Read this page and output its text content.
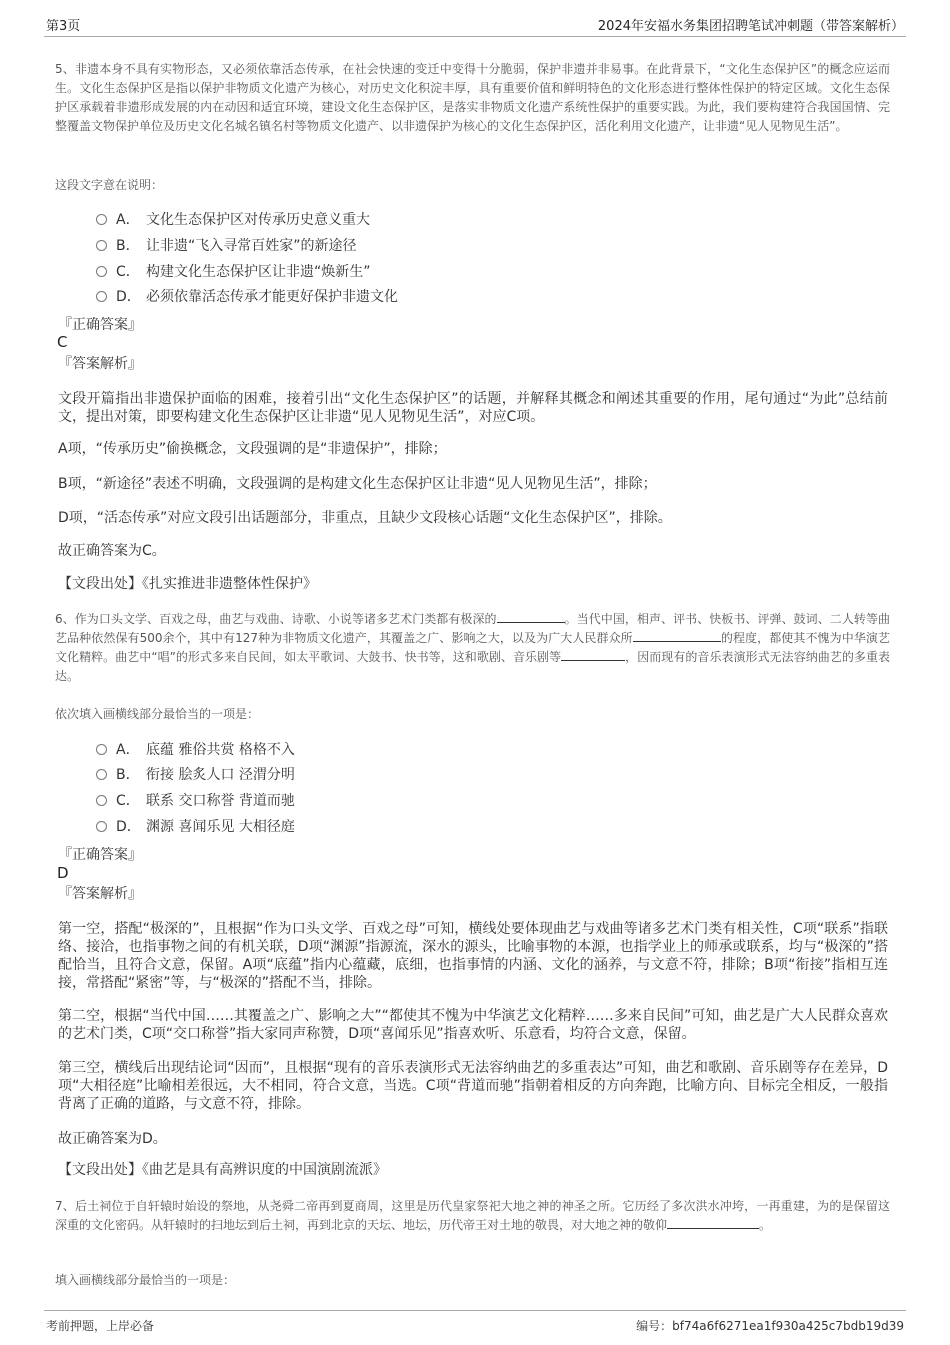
第3页	2024年安福水务集团招聘笔试冲刺题（带答案解析）
5、非遗本身不具有实物形态，又必须依靠活态传承，在社会快速的变迁中变得十分脆弱，保护非遗并非易事。在此背景下，“文化生态保护区”的概念应运而生。文化生态保护区是指以保护非物质文化遗产为核心，对历史文化积淀丰厚，具有重要价值和鲜明特色的文化形态进行整体性保护的特定区域。文化生态保护区承载着非遗形成发展的内在动因和适宜环境，建设文化生态保护区，是落实非物质文化遗产系统性保护的重要实践。为此，我们要构建符合我国国情、完整覆盖文物保护单位及历史文化名城名镇名村等物质文化遗产、以非遗保护为核心的文化生态保护区，活化利用文化遗产，让非遗“见人见物见生活”。
这段文字意在说明：
A． 文化生态保护区对传承历史意义重大
B． 让非遗“飞入寻常百姓家”的新途径
C． 构建文化生态保护区让非遗“焕新生”
D． 必须依靠活态传承才能更好保护非遗文化
『正确答案』
C
『答案解析』
文段开篇指出非遗保护面临的困难，接着引出“文化生态保护区”的话题，并解释其概念和阐述其重要的作用，尾句通过“为此”总结前文，提出对策，即要构建文化生态保护区让非遗“见人见物见生活”，对应C项。
A项，“传承历史”偷换概念，文段强调的是“非遗保护”，排除；
B项，“新途径”表述不明确，文段强调的是构建文化生态保护区让非遗“见人见物见生活”，排除；
D项，“活态传承”对应文段引出话题部分，非重点，且缺少文段核心话题“文化生态保护区”，排除。
故正确答案为C。
【文段出处】《扎实推进非遗整体性保护》
6、作为口头文学、百戏之母，曲艺与戏曲、诗歌、小说等诸多艺术门类都有极深的	。当代中国，相声、评书、快板书、评弹、鼓词、二人转等曲艺品种依然保有500余个，其中有127种为非物质文化遗产，其覆盖之广、影响之大，以及为广大人民群众所	的程度，都使其不愧为中华演艺文化精粹。曲艺中“唱”的形式多来自民间，如太平歌词、大鼓书、快书等，这和歌剧、音乐剧等	，因而现有的音乐表演形式无法容纳曲艺的多重表达。
依次填入画横线部分最恰当的一项是：
A． 底蕴 雅俗共赏 格格不入
B． 衔接 脍炙人口 泾渭分明
C． 联系 交口称誉 背道而驰
D． 渊源 喜闻乐见 大相径庭
『正确答案』
D
『答案解析』
第一空，搭配“极深的”，且根据“作为口头文学、百戏之母”可知，横线处要体现曲艺与戏曲等诸多艺术门类有相关性，C项“联系”指联络、接洽，也指事物之间的有机关联，D项“渊源”指源流，深水的源头，比喻事物的本源，也指学业上的师承或联系，均与“极深的”搭配恰当，且符合文意，保留。A项“底蕴”指内心蕴藏，底细，也指事情的内涵、文化的涵养，与文意不符，排除；B项“衔接”指相互连接，常搭配“紧密”等，与“极深的”搭配不当，排除。
第二空，根据“当代中国……其覆盖之广、影响之大”“都使其不愧为中华演艺文化精粹……多来自民间”可知，曲艺是广大人民群众喜欢的艺术门类，C项“交口称誉”指大家同声称赞，D项“喜闻乐见”指喜欢听、乐意看，均符合文意，保留。
第三空，横线后出现结论词“因而”，且根据“现有的音乐表演形式无法容纳曲艺的多重表达”可知，曲艺和歌剧、音乐剧等存在差异，D项“大相径庭”比喻相差很远，大不相同，符合文意，当选。C项“背道而驰”指朝着相反的方向奔跑，比喻方向、目标完全相反，一般指背离了正确的道路，与文意不符，排除。
故正确答案为D。
【文段出处】《曲艺是具有高辨识度的中国演剧流派》
7、后土祠位于自轩辕时始设的祭地，从尧舜二帝再到夏商周，这里是历代皇家祭祀大地之神的神圣之所。它历经了多次洪水冲垮，一再重建，为的是保留这深重的文化密码。从轩辕时的扫地坛到后土祠，再到北京的天坛、地坛，历代帝王对土地的敬畏，对大地之神的敬仰	。
填入画横线部分最恰当的一项是：
考前押题，上岸必备	编号：bf74a6f6271ea1f930a425c7bdb19d39
